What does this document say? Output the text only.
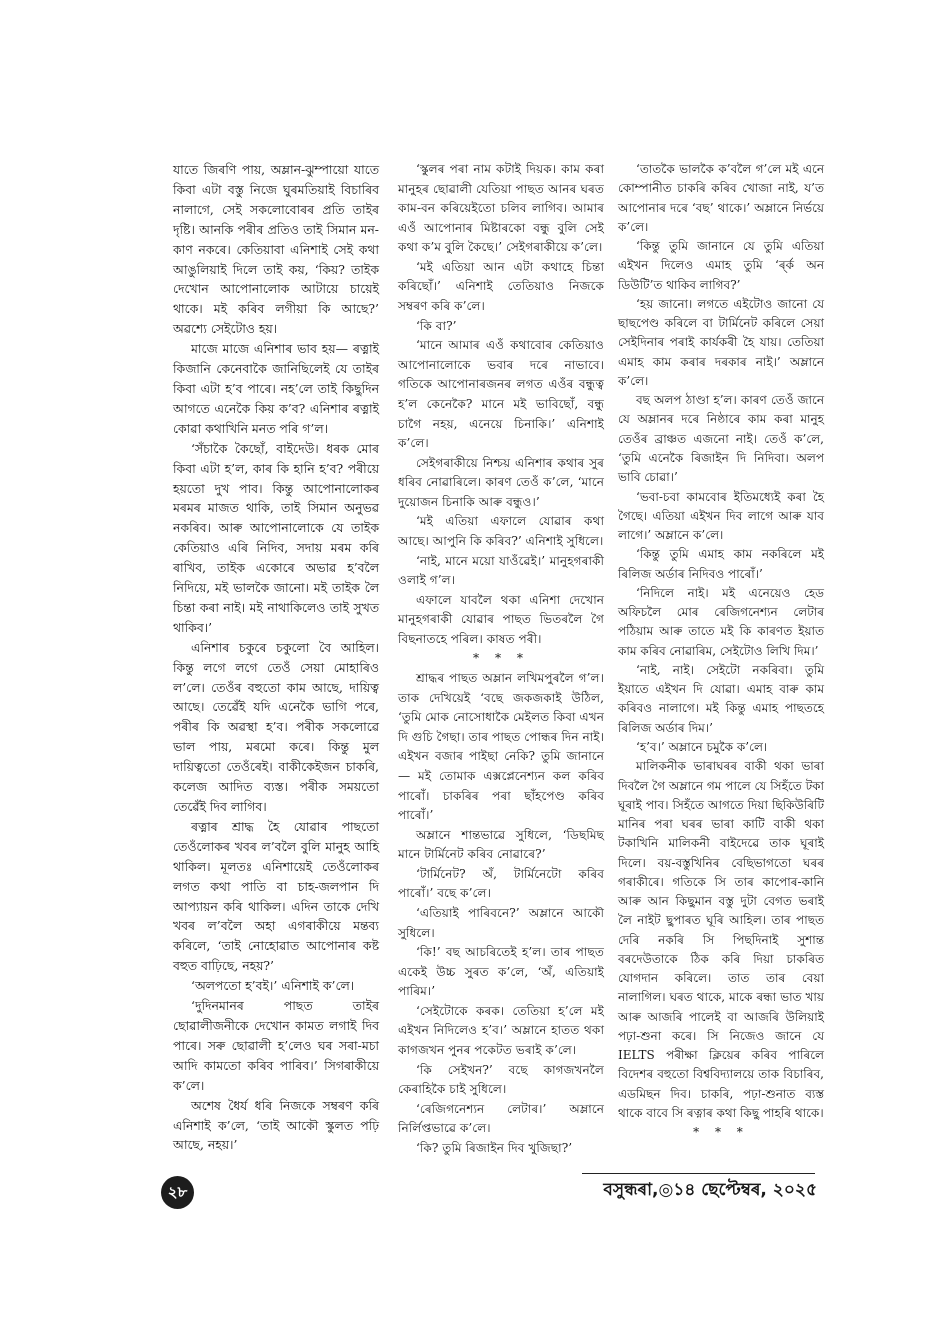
যাতে জিৰণি পায়, অম্লান-ঝুম্পায়ো যাতে কিবা এটা বস্তু নিজে ঘুৰমতিয়াই বিচাৰিব নালাগে, সেই সকলোবোৰৰ প্ৰতি তাইৰ দৃষ্টি। আনকি পৰীৰ প্ৰতিও তাই সিমান মন-কাণ নকৰে। কেতিয়াবা এনিশাই সেই কথা আঙুলিয়াই দিলে তাই কয়, ‘কিয়? তাইক দেখোন আপোনালোক আটায়ে চায়েই থাকে। মই কৰিব লগীয়া কি আছে?’ অৱশ্যে সেইটোও হয়।

মাজে মাজে এনিশাৰ ভাব হয়— ৰত্নাই কিজানি কেনেবাকৈ জানিছিলেই যে তাইৰ কিবা এটা হ’ব পাৰে। নহ’লে তাই কিছুদিন আগতে এনেকৈ কিয় ক’ব? এনিশাৰ ৰত্নাই কোৱা কথাখিনি মনত পৰি গ’ল।

‘সঁচাকৈ কৈছোঁ, বাইদেউ। ধৰক মোৰ কিবা এটা হ’ল, কাৰ কি হানি হ’ব? পৰীয়ে হয়তো দুখ পাব। কিন্তু আপোনালোকৰ মৰমৰ মাজত থাকি, তাই সিমান অনুভৱ নকৰিব। আৰু আপোনালোকে যে তাইক কেতিয়াও এৰি নিদিব, সদায় মৰম কৰি ৰাখিব, তাইক একোৰে অভাৱ হ’বলৈ নিদিয়ে, মই ভালকৈ জানো। মই তাইক লৈ চিন্তা কৰা নাই। মই নাথাকিলেও তাই সুখত থাকিব।’

এনিশাৰ চকুৰে চকুলো বৈ আহিল। কিন্তু লগে লগে তেওঁ সেয়া মোহাৰিও ল’লে। তেওঁৰ বহুতো কাম আছে, দায়িত্ব আছে। তেৱেঁই যদি এনেকৈ ভাগি পৰে, পৰীৰ কি অৱস্থা হ’ব। পৰীক সকলোৱে ভাল পায়, মৰমো কৰে। কিন্তু মুল দায়িত্বতো তেওঁৰেই। বাকীকেইজন চাকৰি, কলেজ আদিত ব্যস্ত। পৰীক সময়তো তেৱেঁই দিব লাগিব।

ৰত্নাৰ শ্ৰাদ্ধ হৈ যোৱাৰ পাছতো তেওঁলোকৰ খবৰ ল’বলৈ বুলি মানুহ আহি থাকিল। মূলতঃ এনিশায়েই তেওঁলোকৰ লগত কথা পাতি বা চাহ-জলপান দি আপ্যায়ন কৰি থাকিল। এদিন তাকে দেখি খবৰ ল’বলৈ অহা এগৰাকীয়ে মন্তব্য কৰিলে, ‘তাই নোহোৱাত আপোনাৰ কষ্ট বহুত বাঢ়িছে, নহয়?’

‘অলপতো হ’বই।’ এনিশাই ক’লে।

‘দুদিনমানৰ পাছত তাইৰ ছোৱালীজনীকে দেখোন কামত লগাই দিব পাৰে। সৰু ছোৱালী হ’লেও ঘৰ সৰা-মচা আদি কামতো কৰিব পাৰিব।’ সিগৰাকীয়ে ক’লে।

অশেষ ধৈৰ্য ধৰি নিজকে সম্বৰণ কৰি এনিশাই ক’লে, ‘তাই আকৌ স্কুলত পঢ়ি আছে, নহয়।’

‘স্কুলৰ পৰা নাম কটাই দিয়ক। কাম কৰা মানুহৰ ছোৱালী যেতিয়া পাছত আনৰ ঘৰত কাম-বন কৰিয়েইতো চলিব লাগিব। আমাৰ এওঁ আপোনাৰ মিষ্টাৰকো বন্ধু বুলি সেই কথা ক’ম বুলি কৈছে।’ সেইগৰাকীয়ে ক’লে।

‘মই এতিয়া আন এটা কথাহে চিন্তা কৰিছোঁ।’ এনিশাই তেতিয়াও নিজকে সম্বৰণ কৰি ক’লে।

‘কি বা?’

‘মানে আমাৰ এওঁ কথাবোৰ কেতিয়াও আপোনালোকে ভবাৰ দৰে নাভাবে। গতিকে আপোনাৰজনৰ লগত এওঁৰ বন্ধুত্ব হ’ল কেনেকৈ? মানে মই ভাবিছোঁ, বন্ধু চাগৈ নহয়, এনেয়ে চিনাকি।’ এনিশাই ক’লে।

সেইগৰাকীয়ে নিশ্চয় এনিশাৰ কথাৰ সুৰ ধৰিব নোৱাৰিলে। কাৰণ তেওঁ ক’লে, ‘মানে দুয়োজন চিনাকি আৰু বন্ধুও।’

‘মই এতিয়া এফালে যোৱাৰ কথা আছে। আপুনি কি কৰিব?’ এনিশাই সুধিলে।

‘নাই, মানে ময়ো যাওঁৱেই।’ মানুহগৰাকী ওলাই গ’ল।

এফালে যাবলৈ থকা এনিশা দেখোন মানুহগৰাকী যোৱাৰ পাছত ভিতৰলৈ গৈ বিছনাতহে পৰিল। কাষত পৰী।

* * *

শ্ৰাদ্ধৰ পাছত অম্লান লখিমপুৰলৈ গ’ল। তাক দেখিয়েই ‘বছে জকজকাই উঠিল, ‘তুমি মোক নোসোধাকৈ মেইলত কিবা এখন দি গুচি গৈছা। তাৰ পাছত পোন্ধৰ দিন নাই। এইখন বজাৰ পাইছা নেকি? তুমি জানানে — মই তোমাক এক্সপ্লেনেশ্যন কল কৰিব পাৰোঁ। চাকৰিৰ পৰা ছাঁহপেণ্ড কৰিব পাৰোঁ।’

অম্লানে শান্তভাৱে সুধিলে, ‘ডিছমিছ মানে টাৰ্মিনেট কৰিব নোৱাৰে?’

‘টাৰ্মিনেট? অঁ, টাৰ্মিনেটো কৰিব পাৰোঁ।’ বছে ক’লে।

‘এতিয়াই পাৰিবনে?’ অম্লানে আকৌ সুধিলে।

‘কি!’ বছ আচৰিতেই হ’ল। তাৰ পাছত একেই উচ্চ সুৰত ক’লে, ‘অঁ, এতিয়াই পাৰিম।’

‘সেইটোকে কৰক। তেতিয়া হ’লে মই এইখন নিদিলেও হ’ব।’ অম্লানে হাতত থকা কাগজখন পুনৰ পকেটত ভৰাই ক’লে।

‘কি সেইখন?’ বছে কাগজখনলৈ কেৰাহিকৈ চাই সুধিলে।

‘ৰেজিগনেশ্যন লেটাৰ।’ অম্লানে নিৰ্লিপ্তভাৱে ক’লে।

‘কি? তুমি ৰিজাইন দিব খুজিছা?’

‘তাতকৈ ভালকৈ ক’বলৈ গ’লে মই এনে কোম্পানীত চাকৰি কৰিব খোজা নাই, য’ত আপোনাৰ দৰে ‘বছ’ থাকে।’ অম্লানে নিৰ্ভয়ে ক’লে।

‘কিন্তু তুমি জানানে যে তুমি এতিয়া এইখন দিলেও এমাহ তুমি ‘ৰ্ৰ্ক অন ডিউটি’ত থাকিব লাগিব?’

‘হয় জানো। লগতে এইটোও জানো যে ছাছপেণ্ড কৰিলে বা টাৰ্মিনেট কৰিলে সেয়া সেইদিনাৰ পৰাই কাৰ্যকৰী হৈ যায়। তেতিয়া এমাহ কাম কৰাৰ দৰকাৰ নাই।’ অম্লানে ক’লে।

বছ অলপ ঠাণ্ডা হ’ল। কাৰণ তেওঁ জানে যে অম্লানৰ দৰে নিষ্ঠাৰে কাম কৰা মানুহ তেওঁৰ ব্ৰাঞ্চত এজনো নাই। তেওঁ ক’লে, ‘তুমি এনেকৈ ৰিজাইন দি নিদিবা। অলপ ভাবি চোৱা।’

‘ভবা-চবা কামবোৰ ইতিমধ্যেই কৰা হৈ গৈছে। এতিয়া এইখন দিব লাগে আৰু যাব লাগে।’ অম্লানে ক’লে।

‘কিন্তু তুমি এমাহ কাম নকৰিলে মই ৰিলিজ অৰ্ডাৰ নিদিবও পাৰোঁ।’

‘নিদিলে নাই। মই এনেয়েও হেড অফিচলৈ মোৰ ৰেজিগনেশ্যন লেটাৰ পঠিয়াম আৰু তাতে মই কি কাৰণত ইয়াত কাম কৰিব নোৱাৰিম, সেইটোও লিখি দিম।’

‘নাই, নাই। সেইটো নকৰিবা। তুমি ইয়াতে এইখন দি যোৱা। এমাহ বাৰু কাম কৰিবও নালাগে। মই কিন্তু এমাহ পাছতহে ৰিলিজ অৰ্ডাৰ দিম।’

‘হ’ব।’ অম্লানে চমুকৈ ক’লে।

মালিকনীক ভাৰাঘৰৰ বাকী থকা ভাৰা দিবলৈ গৈ অম্লানে গম পালে যে সিহঁতে টকা ঘূৰাই পাব। সিহঁতে আগতে দিয়া ছিকিউৰিটি মানিৰ পৰা ঘৰৰ ভাৰা কাটি বাকী থকা টকাখিনি মালিকনী বাইদেৱে তাক ঘূৰাই দিলে। বয়-বস্তুখিনিৰ বেছিভাগতো ঘৰৰ গৰাকীৰে। গতিকে সি তাৰ কাপোৰ-কানি আৰু আন কিছুমান বস্তু দুটা বেগত ভৰাই লৈ নাইট ছুপাৰত ঘূৰি আহিল। তাৰ পাছত দেৰি নকৰি সি পিছদিনাই সুশান্ত বৰদেউতাকে ঠিক কৰি দিয়া চাকৰিত যোগদান কৰিলে। তাত তাৰ বেয়া নালাগিল। ঘৰত থাকে, মাকে ৰন্ধা ভাত খায় আৰু আজৰি পালেই বা আজৰি উলিয়াই পঢ়া-শুনা কৰে। সি নিজেও জানে যে IELTS পৰীক্ষা ক্লিয়েৰ কৰিব পাৰিলে বিদেশৰ বহুতো বিশ্ববিদ্যালয়ে তাক বিচাৰিব, এডমিছন দিব। চাকৰি, পঢ়া-শুনাত ব্যস্ত থাকে বাবে সি ৰত্নাৰ কথা কিছু পাহৰি থাকে।

* * *

২৮	বসুন্ধৰা,◎১৪ ছেপ্টেম্বৰ, ২০২৫
